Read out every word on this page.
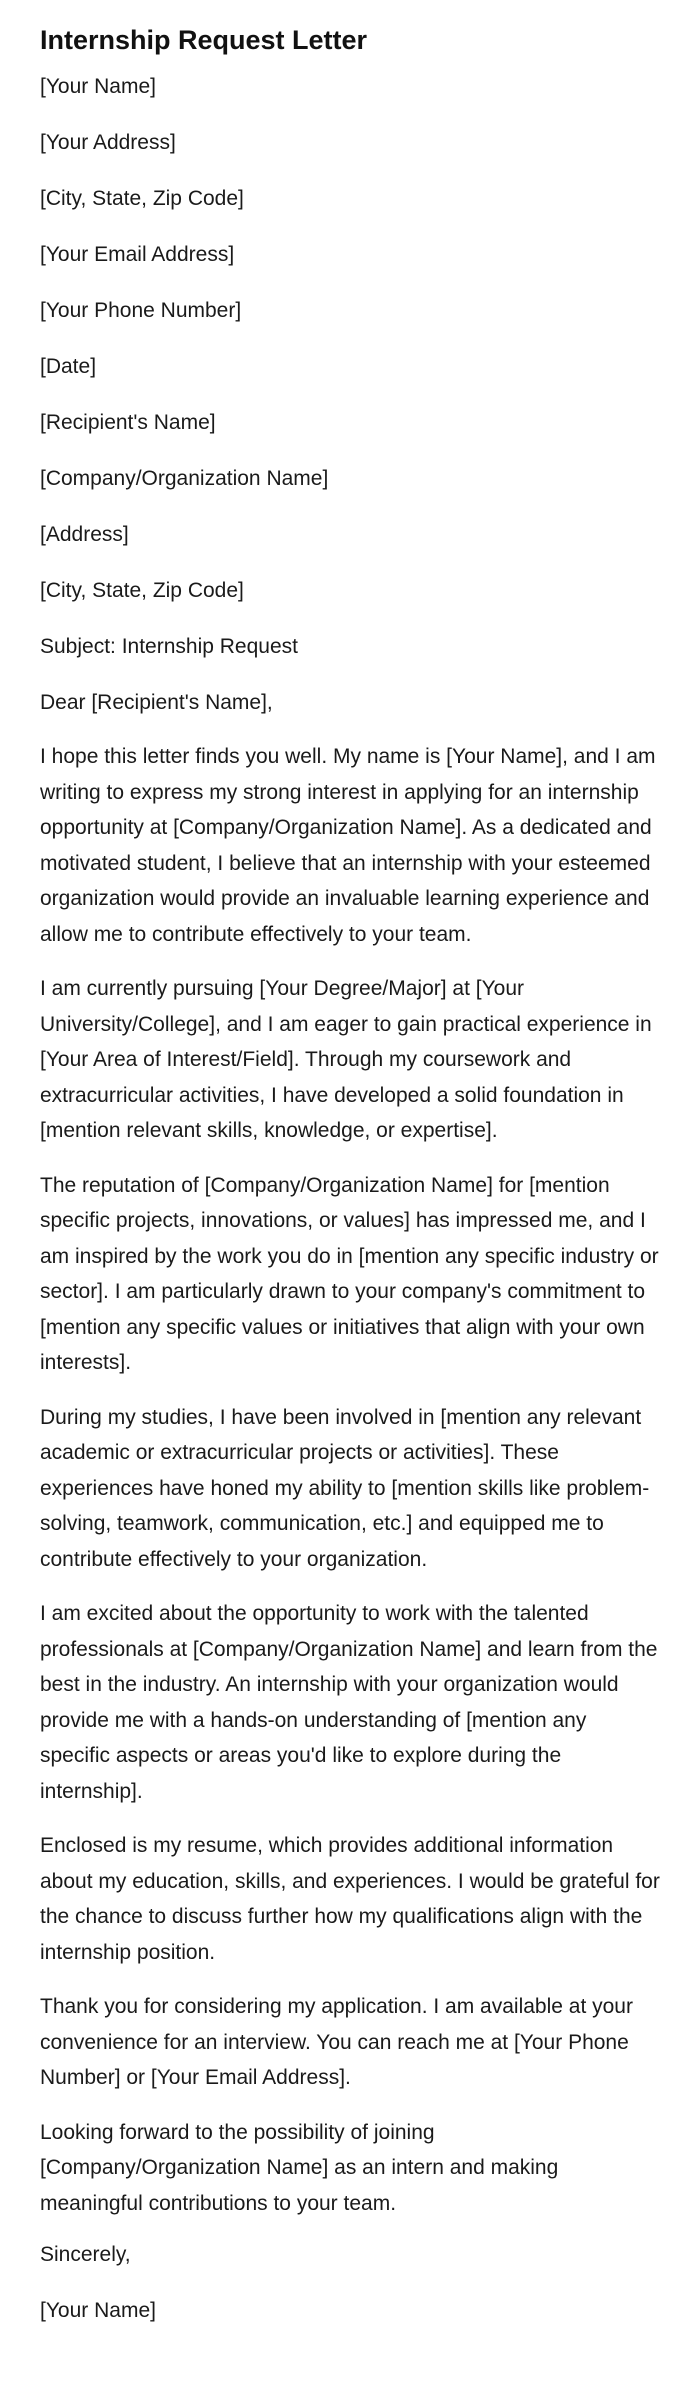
Internship Request Letter

[Your Name]

[Your Address]

[City, State, Zip Code]

[Your Email Address]

[Your Phone Number]

[Date]

[Recipient's Name]

[Company/Organization Name]

[Address]

[City, State, Zip Code]

Subject: Internship Request

Dear [Recipient's Name],

I hope this letter finds you well. My name is [Your Name], and I am writing to express my strong interest in applying for an internship opportunity at [Company/Organization Name]. As a dedicated and motivated student, I believe that an internship with your esteemed organization would provide an invaluable learning experience and allow me to contribute effectively to your team.

I am currently pursuing [Your Degree/Major] at [Your University/College], and I am eager to gain practical experience in [Your Area of Interest/Field]. Through my coursework and extracurricular activities, I have developed a solid foundation in [mention relevant skills, knowledge, or expertise].

The reputation of [Company/Organization Name] for [mention specific projects, innovations, or values] has impressed me, and I am inspired by the work you do in [mention any specific industry or sector]. I am particularly drawn to your company's commitment to [mention any specific values or initiatives that align with your own interests].

During my studies, I have been involved in [mention any relevant academic or extracurricular projects or activities]. These experiences have honed my ability to [mention skills like problem-solving, teamwork, communication, etc.] and equipped me to contribute effectively to your organization.

I am excited about the opportunity to work with the talented professionals at [Company/Organization Name] and learn from the best in the industry. An internship with your organization would provide me with a hands-on understanding of [mention any specific aspects or areas you'd like to explore during the internship].

Enclosed is my resume, which provides additional information about my education, skills, and experiences. I would be grateful for the chance to discuss further how my qualifications align with the internship position.

Thank you for considering my application. I am available at your convenience for an interview. You can reach me at [Your Phone Number] or [Your Email Address].

Looking forward to the possibility of joining [Company/Organization Name] as an intern and making meaningful contributions to your team.

Sincerely,

[Your Name]
